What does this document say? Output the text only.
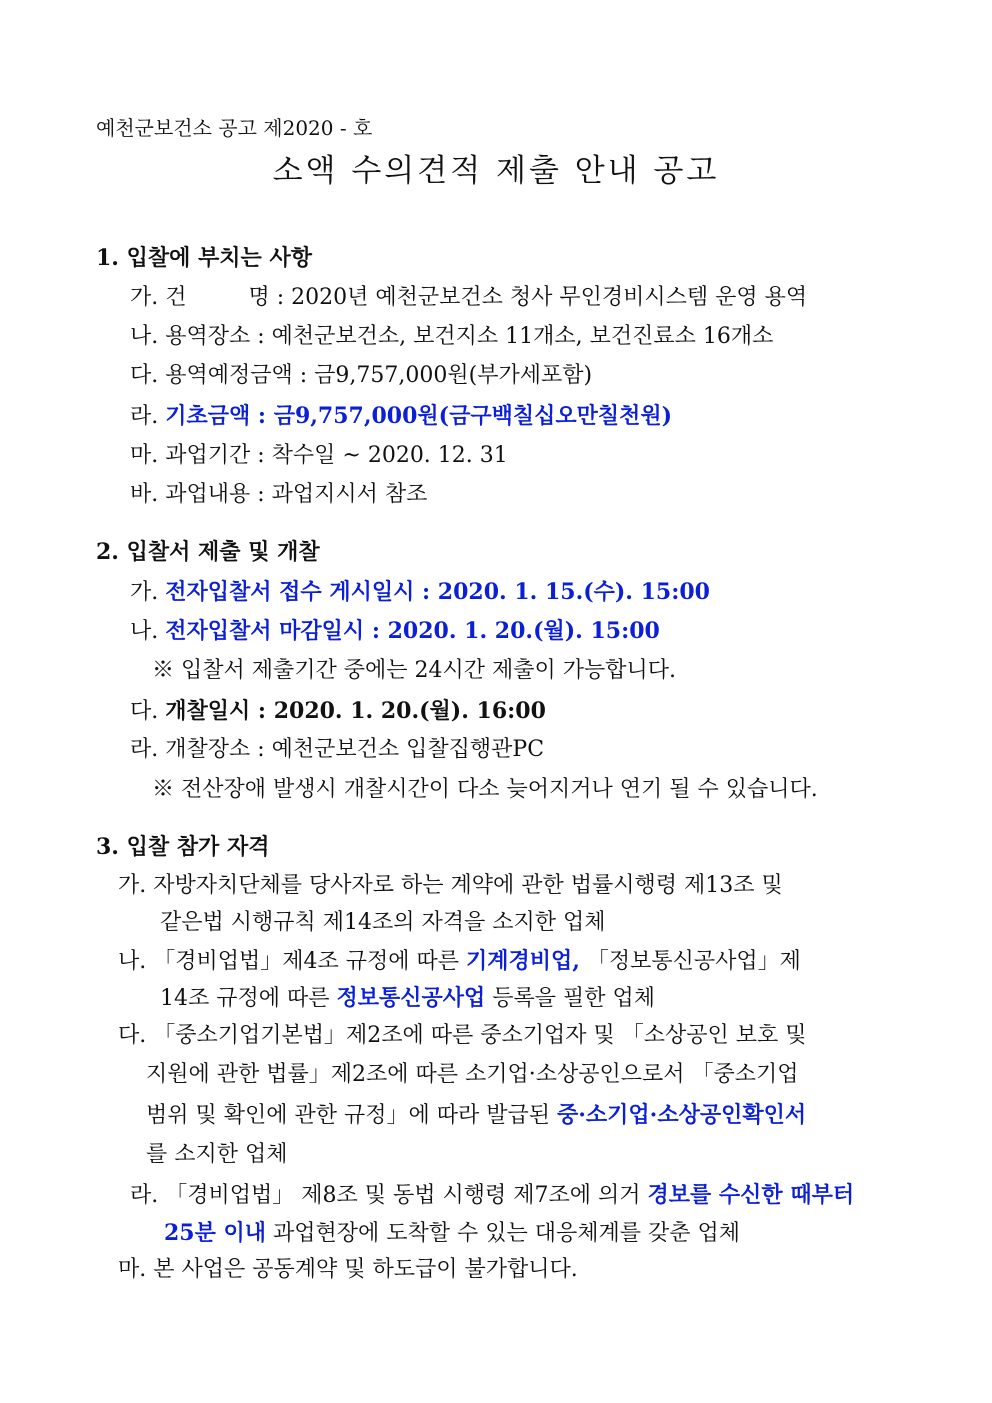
예천군보건소 공고 제2020 - 호
소액 수의견적 제출 안내 공고
1. 입찰에 부치는 사항
가. 건	명 : 2020년 예천군보건소 청사 무인경비시스템 운영 용역
나. 용역장소 : 예천군보건소, 보건지소 11개소, 보건진료소 16개소
다. 용역예정금액 : 금9,757,000원(부가세포함)
라. 기초금액 : 금9,757,000원(금구백칠십오만칠천원)
마. 과업기간 : 착수일 ~ 2020. 12. 31
바. 과업내용 : 과업지시서 참조
2. 입찰서 제출 및 개찰
가. 전자입찰서 접수 게시일시 : 2020. 1. 15.(수). 15:00
나. 전자입찰서 마감일시 : 2020. 1. 20.(월). 15:00
※ 입찰서 제출기간 중에는 24시간 제출이 가능합니다.
다. 개찰일시 : 2020. 1. 20.(월). 16:00
라. 개찰장소 : 예천군보건소 입찰집행관PC
※ 전산장애 발생시 개찰시간이 다소 늦어지거나 연기 될 수 있습니다.
3. 입찰 참가 자격
가. 자방자치단체를 당사자로 하는 계약에 관한 법률시행령 제13조 및
같은법 시행규칙 제14조의 자격을 소지한 업체
나. 「경비업법」제4조 규정에 따른 기계경비업, 「정보통신공사업」제
14조 규정에 따른 정보통신공사업 등록을 필한 업체
다. 「중소기업기본법」제2조에 따른 중소기업자 및 「소상공인 보호 및
지원에 관한 법률」제2조에 따른 소기업·소상공인으로서 「중소기업
범위 및 확인에 관한 규정」에 따라 발급된 중·소기업·소상공인확인서
를 소지한 업체
라. 「경비업법」 제8조 및 동법 시행령 제7조에 의거 경보를 수신한 때부터
25분 이내 과업현장에 도착할 수 있는 대응체계를 갖춘 업체
마. 본 사업은 공동계약 및 하도급이 불가합니다.
